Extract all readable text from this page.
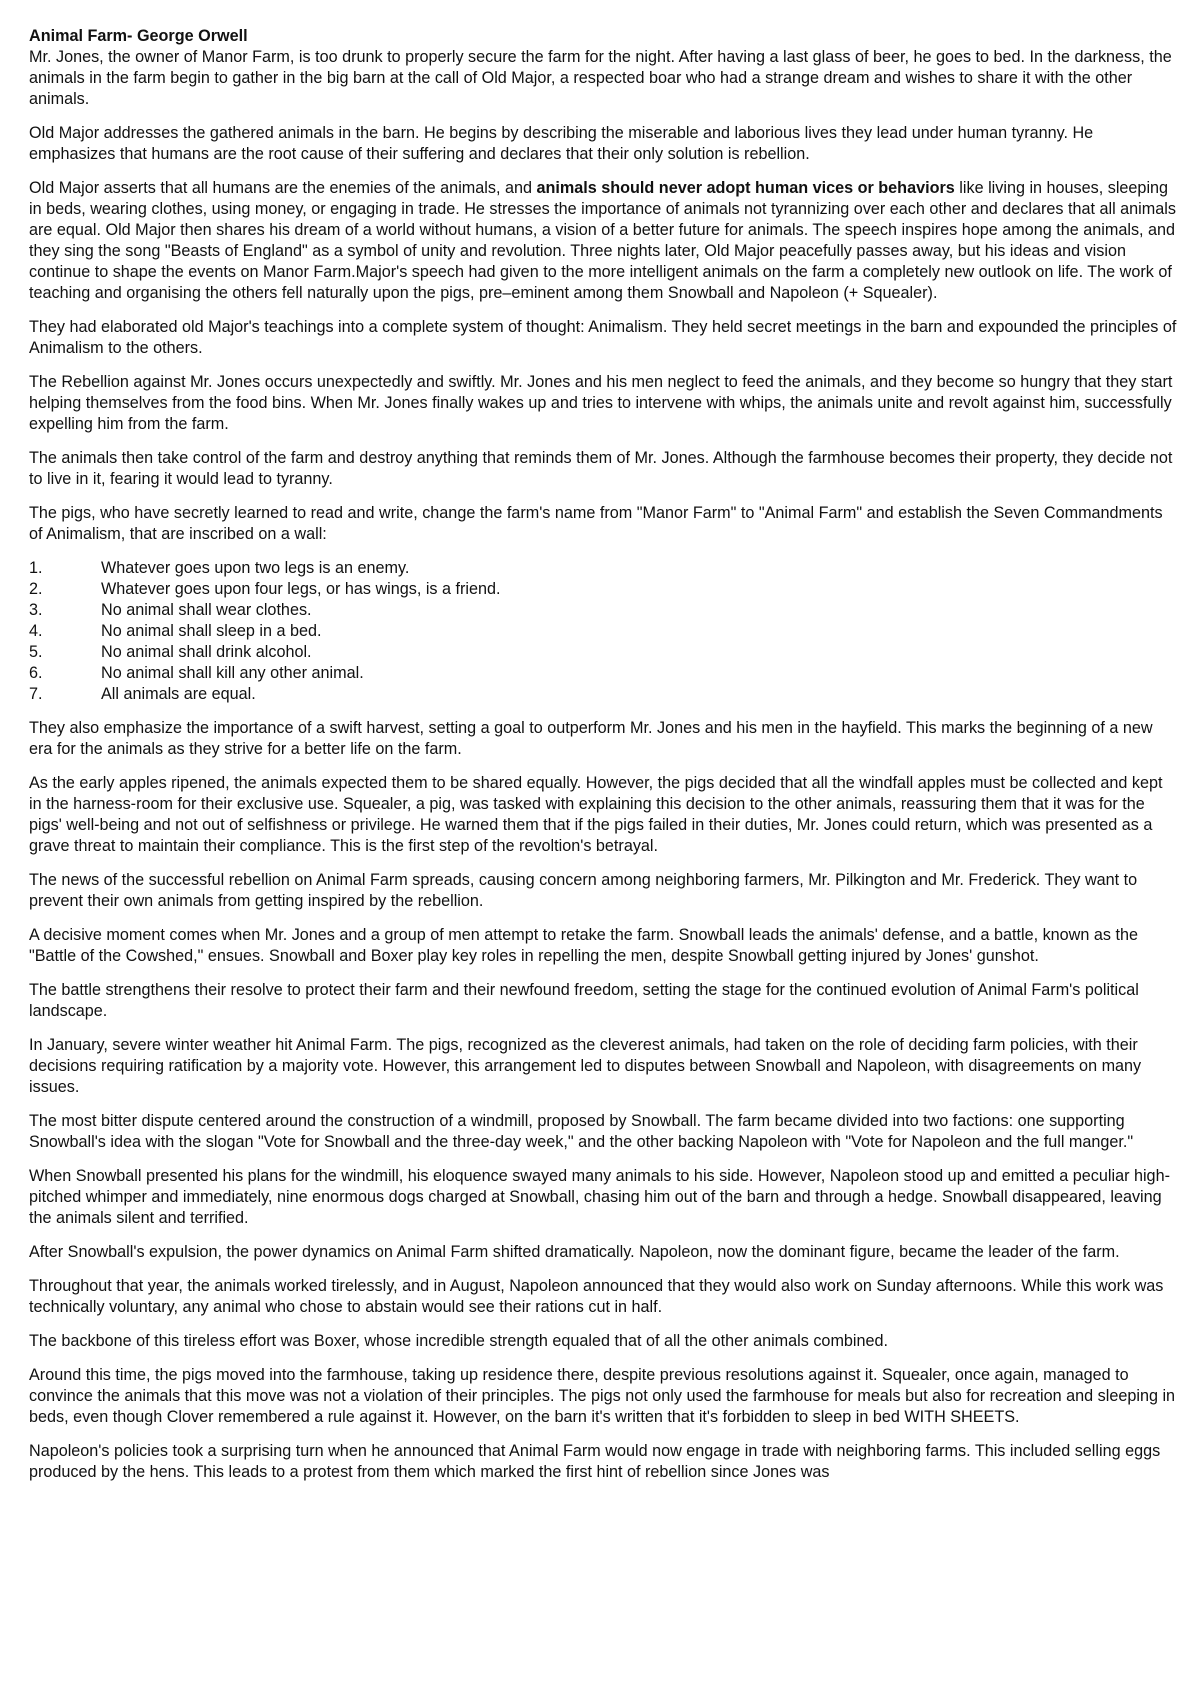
Animal Farm- George Orwell

Mr. Jones, the owner of Manor Farm, is too drunk to properly secure the farm for the night. After having a last glass of beer, he goes to bed. In the darkness, the animals in the farm begin to gather in the big barn at the call of Old Major, a respected boar who had a strange dream and wishes to share it with the other animals.

Old Major addresses the gathered animals in the barn. He begins by describing the miserable and laborious lives they lead under human tyranny. He emphasizes that humans are the root cause of their suffering and declares that their only solution is rebellion.

Old Major asserts that all humans are the enemies of the animals, and animals should never adopt human vices or behaviors like living in houses, sleeping in beds, wearing clothes, using money, or engaging in trade. He stresses the importance of animals not tyrannizing over each other and declares that all animals are equal. Old Major then shares his dream of a world without humans, a vision of a better future for animals. The speech inspires hope among the animals, and they sing the song "Beasts of England" as a symbol of unity and revolution. Three nights later, Old Major peacefully passes away, but his ideas and vision continue to shape the events on Manor Farm.Major's speech had given to the more intelligent animals on the farm a completely new outlook on life. The work of teaching and organising the others fell naturally upon the pigs, pre–eminent among them Snowball and Napoleon (+ Squealer).

They had elaborated old Major's teachings into a complete system of thought: Animalism. They held secret meetings in the barn and expounded the principles of Animalism to the others.

The Rebellion against Mr. Jones occurs unexpectedly and swiftly. Mr. Jones and his men neglect to feed the animals, and they become so hungry that they start helping themselves from the food bins. When Mr. Jones finally wakes up and tries to intervene with whips, the animals unite and revolt against him, successfully expelling him from the farm.

The animals then take control of the farm and destroy anything that reminds them of Mr. Jones. Although the farmhouse becomes their property, they decide not to live in it, fearing it would lead to tyranny.

The pigs, who have secretly learned to read and write, change the farm's name from "Manor Farm" to "Animal Farm" and establish the Seven Commandments of Animalism, that are inscribed on a wall:

1.	Whatever goes upon two legs is an enemy.
2.	Whatever goes upon four legs, or has wings, is a friend.
3.	No animal shall wear clothes.
4.	No animal shall sleep in a bed.
5.	No animal shall drink alcohol.
6.	No animal shall kill any other animal.
7.	All animals are equal.

They also emphasize the importance of a swift harvest, setting a goal to outperform Mr. Jones and his men in the hayfield. This marks the beginning of a new era for the animals as they strive for a better life on the farm.

As the early apples ripened, the animals expected them to be shared equally. However, the pigs decided that all the windfall apples must be collected and kept in the harness-room for their exclusive use. Squealer, a pig, was tasked with explaining this decision to the other animals, reassuring them that it was for the pigs' well-being and not out of selfishness or privilege. He warned them that if the pigs failed in their duties, Mr. Jones could return, which was presented as a grave threat to maintain their compliance. This is the first step of the revoltion's betrayal.

The news of the successful rebellion on Animal Farm spreads, causing concern among neighboring farmers, Mr. Pilkington and Mr. Frederick. They want to prevent their own animals from getting inspired by the rebellion.

A decisive moment comes when Mr. Jones and a group of men attempt to retake the farm. Snowball leads the animals' defense, and a battle, known as the "Battle of the Cowshed," ensues. Snowball and Boxer play key roles in repelling the men, despite Snowball getting injured by Jones' gunshot.

The battle strengthens their resolve to protect their farm and their newfound freedom, setting the stage for the continued evolution of Animal Farm's political landscape.

In January, severe winter weather hit Animal Farm. The pigs, recognized as the cleverest animals, had taken on the role of deciding farm policies, with their decisions requiring ratification by a majority vote. However, this arrangement led to disputes between Snowball and Napoleon, with disagreements on many issues.

The most bitter dispute centered around the construction of a windmill, proposed by Snowball. The farm became divided into two factions: one supporting Snowball's idea with the slogan "Vote for Snowball and the three-day week," and the other backing Napoleon with "Vote for Napoleon and the full manger."

When Snowball presented his plans for the windmill, his eloquence swayed many animals to his side. However, Napoleon stood up and emitted a peculiar high-pitched whimper and immediately, nine enormous dogs charged at Snowball, chasing him out of the barn and through a hedge. Snowball disappeared, leaving the animals silent and terrified.

After Snowball's expulsion, the power dynamics on Animal Farm shifted dramatically. Napoleon, now the dominant figure, became the leader of the farm.

Throughout that year, the animals worked tirelessly, and in August, Napoleon announced that they would also work on Sunday afternoons. While this work was technically voluntary, any animal who chose to abstain would see their rations cut in half.

The backbone of this tireless effort was Boxer, whose incredible strength equaled that of all the other animals combined.

Around this time, the pigs moved into the farmhouse, taking up residence there, despite previous resolutions against it. Squealer, once again, managed to convince the animals that this move was not a violation of their principles. The pigs not only used the farmhouse for meals but also for recreation and sleeping in beds, even though Clover remembered a rule against it. However, on the barn it's written that it's forbidden to sleep in bed WITH SHEETS.

Napoleon's policies took a surprising turn when he announced that Animal Farm would now engage in trade with neighboring farms. This included selling eggs produced by the hens. This leads to a protest from them which marked the first hint of rebellion since Jones was
